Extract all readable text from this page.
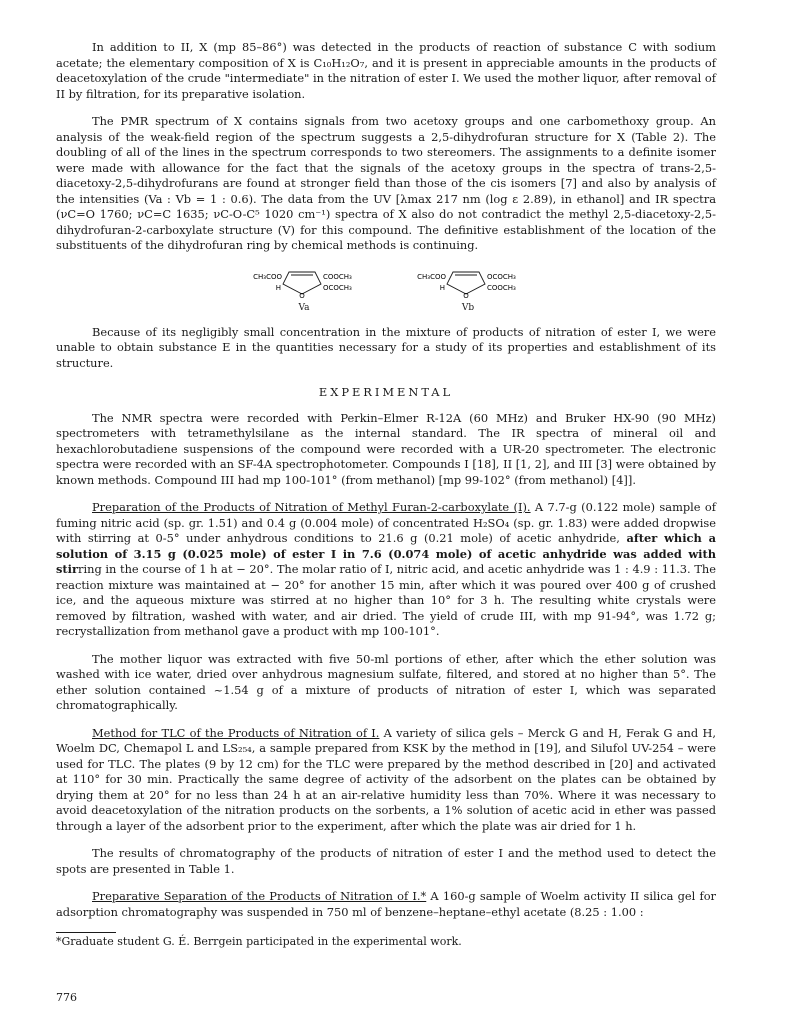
In addition to II, X (mp 85–86°) was detected in the products of reaction of substance C with sodium acetate; the elementary composition of X is C₁₀H₁₂O₇, and it is present in appreciable amounts in the products of deacetoxylation of the crude "intermediate" in the nitration of ester I. We used the mother liquor, after removal of II by filtration, for its preparative isolation.

The PMR spectrum of X contains signals from two acetoxy groups and one carbomethoxy group. An analysis of the weak-field region of the spectrum suggests a 2,5-dihydrofuran structure for X (Table 2). The doubling of all of the lines in the spectrum corresponds to two stereomers. The assignments to a definite isomer were made with allowance for the fact that the signals of the acetoxy groups in the spectra of trans-2,5-diacetoxy-2,5-dihydrofurans are found at stronger field than those of the cis isomers [7] and also by analysis of the intensities (Va : Vb = 1 : 0.6). The data from the UV [λmax 217 nm (log ε 2.89), in ethanol] and IR spectra (νC=O 1760; νC=C 1635; νC-O-C⁵ 1020 cm⁻¹) spectra of X also do not contradict the methyl 2,5-diacetoxy-2,5-dihydrofuran-2-carboxylate structure (V) for this compound. The definitive establishment of the location of the substituents of the dihydrofuran ring by chemical methods is continuing.

O
CH₃COO
H
COOCH₃
OCOCH₃
Va
O
CH₃COO
H
OCOCH₃
COOCH₃
Vb

Because of its negligibly small concentration in the mixture of products of nitration of ester I, we were unable to obtain substance E in the quantities necessary for a study of its properties and establishment of its structure.

EXPERIMENTAL

The NMR spectra were recorded with Perkin–Elmer R-12A (60 MHz) and Bruker HX-90 (90 MHz) spectrometers with tetramethylsilane as the internal standard. The IR spectra of mineral oil and hexachlorobutadiene suspensions of the compound were recorded with a UR-20 spectrometer. The electronic spectra were recorded with an SF-4A spectrophotometer. Compounds I [18], II [1, 2], and III [3] were obtained by known methods. Compound III had mp 100-101° (from methanol) [mp 99-102° (from methanol) [4]].

Preparation of the Products of Nitration of Methyl Furan-2-carboxylate (I). A 7.7-g (0.122 mole) sample of fuming nitric acid (sp. gr. 1.51) and 0.4 g (0.004 mole) of concentrated H₂SO₄ (sp. gr. 1.83) were added dropwise with stirring at 0-5° under anhydrous conditions to 21.6 g (0.21 mole) of acetic anhydride, after which a solution of 3.15 g (0.025 mole) of ester I in 7.6 (0.074 mole) of acetic anhydride was added with stirring in the course of 1 h at − 20°. The molar ratio of I, nitric acid, and acetic anhydride was 1 : 4.9 : 11.3. The reaction mixture was maintained at − 20° for another 15 min, after which it was poured over 400 g of crushed ice, and the aqueous mixture was stirred at no higher than 10° for 3 h. The resulting white crystals were removed by filtration, washed with water, and air dried. The yield of crude III, with mp 91-94°, was 1.72 g; recrystallization from methanol gave a product with mp 100-101°.

The mother liquor was extracted with five 50-ml portions of ether, after which the ether solution was washed with ice water, dried over anhydrous magnesium sulfate, filtered, and stored at no higher than 5°. The ether solution contained ~1.54 g of a mixture of products of nitration of ester I, which was separated chromatographically.

Method for TLC of the Products of Nitration of I. A variety of silica gels – Merck G and H, Ferak G and H, Woelm DC, Chemapol L and LS₂₅₄, a sample prepared from KSK by the method in [19], and Silufol UV-254 – were used for TLC. The plates (9 by 12 cm) for the TLC were prepared by the method described in [20] and activated at 110° for 30 min. Practically the same degree of activity of the adsorbent on the plates can be obtained by drying them at 20° for no less than 24 h at an air-relative humidity less than 70%. Where it was necessary to avoid deacetoxylation of the nitration products on the sorbents, a 1% solution of acetic acid in ether was passed through a layer of the adsorbent prior to the experiment, after which the plate was air dried for 1 h.

The results of chromatography of the products of nitration of ester I and the method used to detect the spots are presented in Table 1.

Preparative Separation of the Products of Nitration of I.* A 160-g sample of Woelm activity II silica gel for adsorption chromatography was suspended in 750 ml of benzene–heptane–ethyl acetate (8.25 : 1.00 :

*Graduate student G. É. Berrgein participated in the experimental work.

776
